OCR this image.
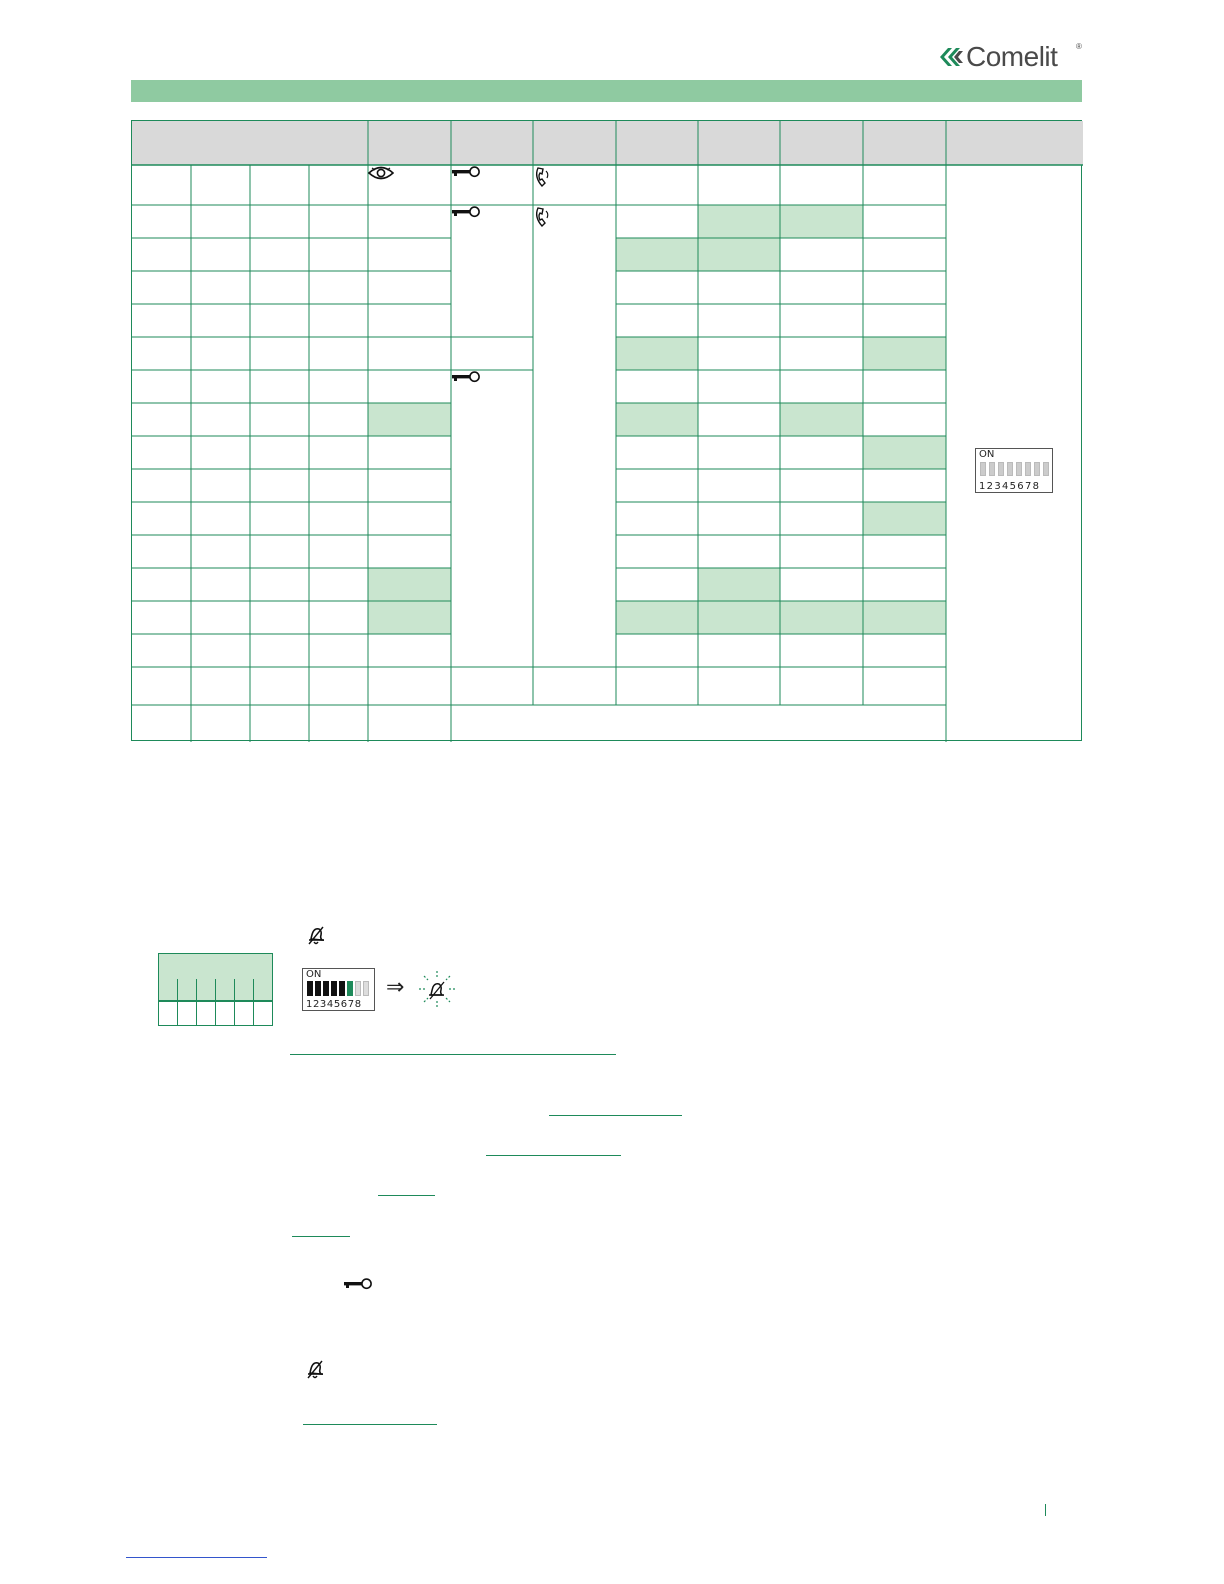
Comelit ®
ON
12345678
ON
12345678
⇒
